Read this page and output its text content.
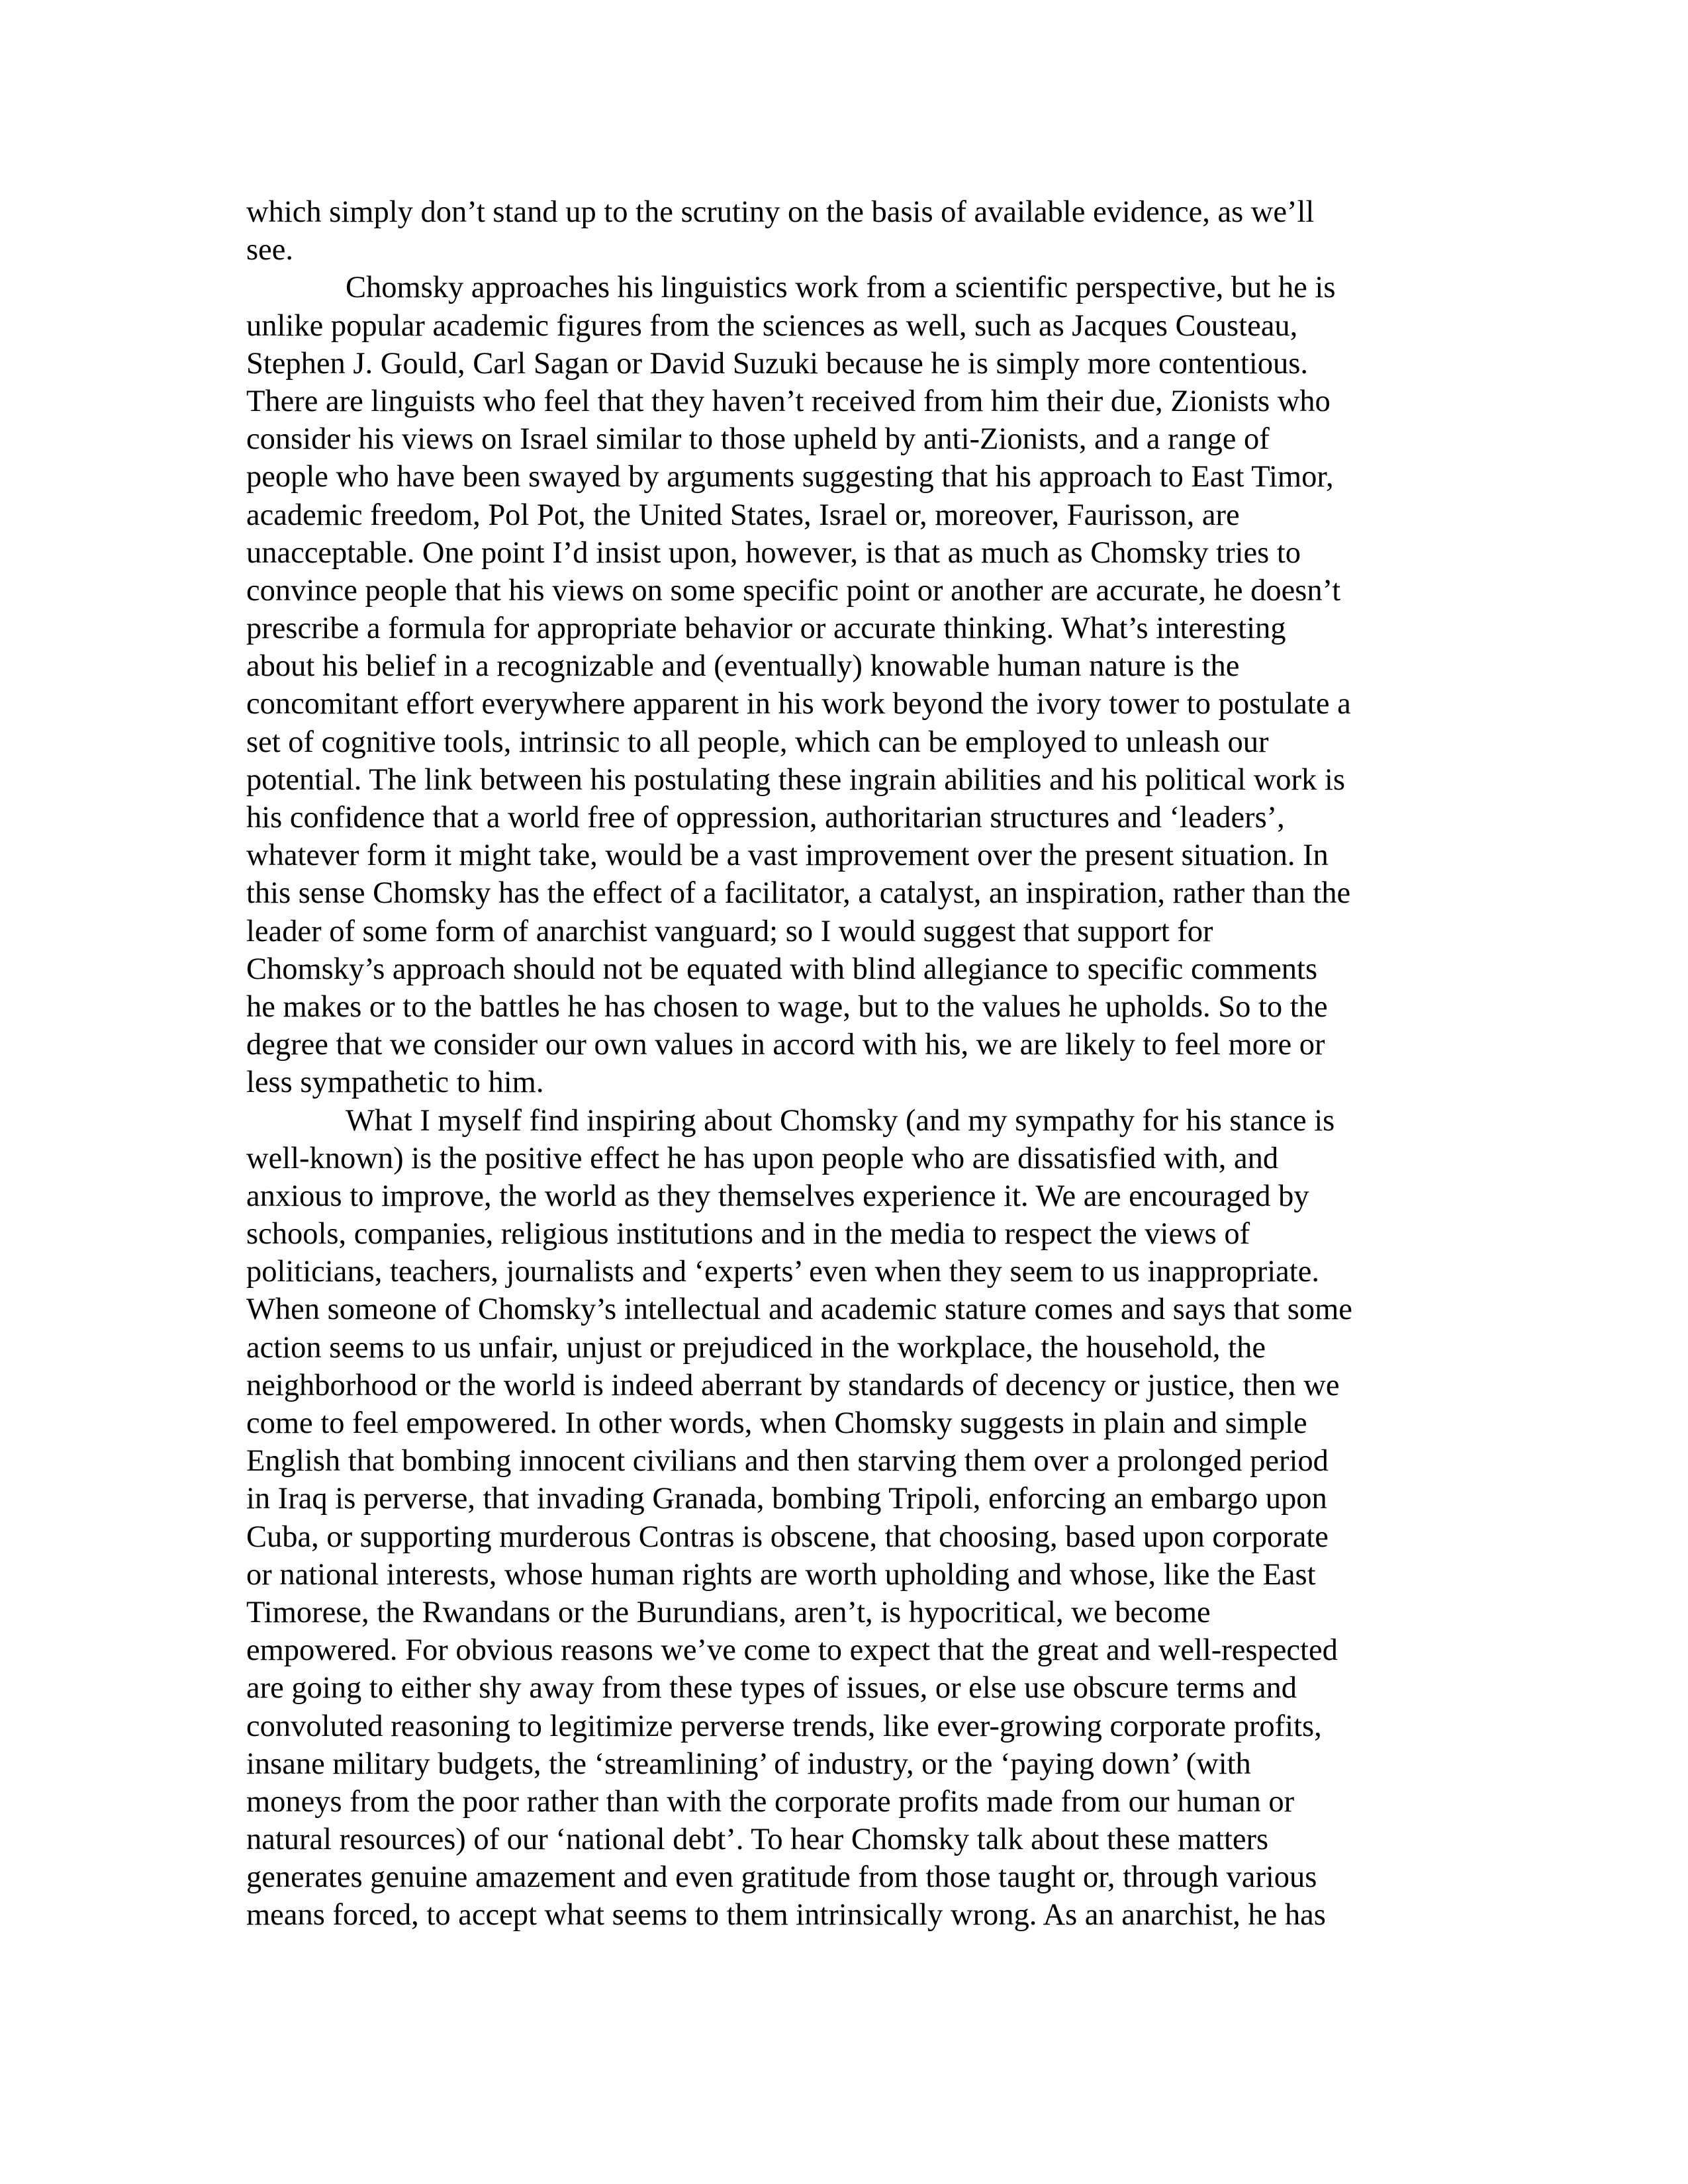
which simply don’t stand up to the scrutiny on the basis of available evidence, as we’ll
see.
Chomsky approaches his linguistics work from a scientific perspective, but he is
unlike popular academic figures from the sciences as well, such as Jacques Cousteau,
Stephen J. Gould, Carl Sagan or David Suzuki because he is simply more contentious.
There are linguists who feel that they haven’t received from him their due, Zionists who
consider his views on Israel similar to those upheld by anti-Zionists, and a range of
people who have been swayed by arguments suggesting that his approach to East Timor,
academic freedom, Pol Pot, the United States, Israel or, moreover, Faurisson, are
unacceptable. One point I’d insist upon, however, is that as much as Chomsky tries to
convince people that his views on some specific point or another are accurate, he doesn’t
prescribe a formula for appropriate behavior or accurate thinking. What’s interesting
about his belief in a recognizable and (eventually) knowable human nature is the
concomitant effort everywhere apparent in his work beyond the ivory tower to postulate a
set of cognitive tools, intrinsic to all people, which can be employed to unleash our
potential. The link between his postulating these ingrain abilities and his political work is
his confidence that a world free of oppression, authoritarian structures and ‘leaders’,
whatever form it might take, would be a vast improvement over the present situation. In
this sense Chomsky has the effect of a facilitator, a catalyst, an inspiration, rather than the
leader of some form of anarchist vanguard; so I would suggest that support for
Chomsky’s approach should not be equated with blind allegiance to specific comments
he makes or to the battles he has chosen to wage, but to the values he upholds. So to the
degree that we consider our own values in accord with his, we are likely to feel more or
less sympathetic to him.
What I myself find inspiring about Chomsky (and my sympathy for his stance is
well-known) is the positive effect he has upon people who are dissatisfied with, and
anxious to improve, the world as they themselves experience it. We are encouraged by
schools, companies, religious institutions and in the media to respect the views of
politicians, teachers, journalists and ‘experts’ even when they seem to us inappropriate.
When someone of Chomsky’s intellectual and academic stature comes and says that some
action seems to us unfair, unjust or prejudiced in the workplace, the household, the
neighborhood or the world is indeed aberrant by standards of decency or justice, then we
come to feel empowered. In other words, when Chomsky suggests in plain and simple
English that bombing innocent civilians and then starving them over a prolonged period
in Iraq is perverse, that invading Granada, bombing Tripoli, enforcing an embargo upon
Cuba, or supporting murderous Contras is obscene, that choosing, based upon corporate
or national interests, whose human rights are worth upholding and whose, like the East
Timorese, the Rwandans or the Burundians, aren’t, is hypocritical, we become
empowered. For obvious reasons we’ve come to expect that the great and well-respected
are going to either shy away from these types of issues, or else use obscure terms and
convoluted reasoning to legitimize perverse trends, like ever-growing corporate profits,
insane military budgets, the ‘streamlining’ of industry, or the ‘paying down’ (with
moneys from the poor rather than with the corporate profits made from our human or
natural resources) of our ‘national debt’. To hear Chomsky talk about these matters
generates genuine amazement and even gratitude from those taught or, through various
means forced, to accept what seems to them intrinsically wrong. As an anarchist, he has
